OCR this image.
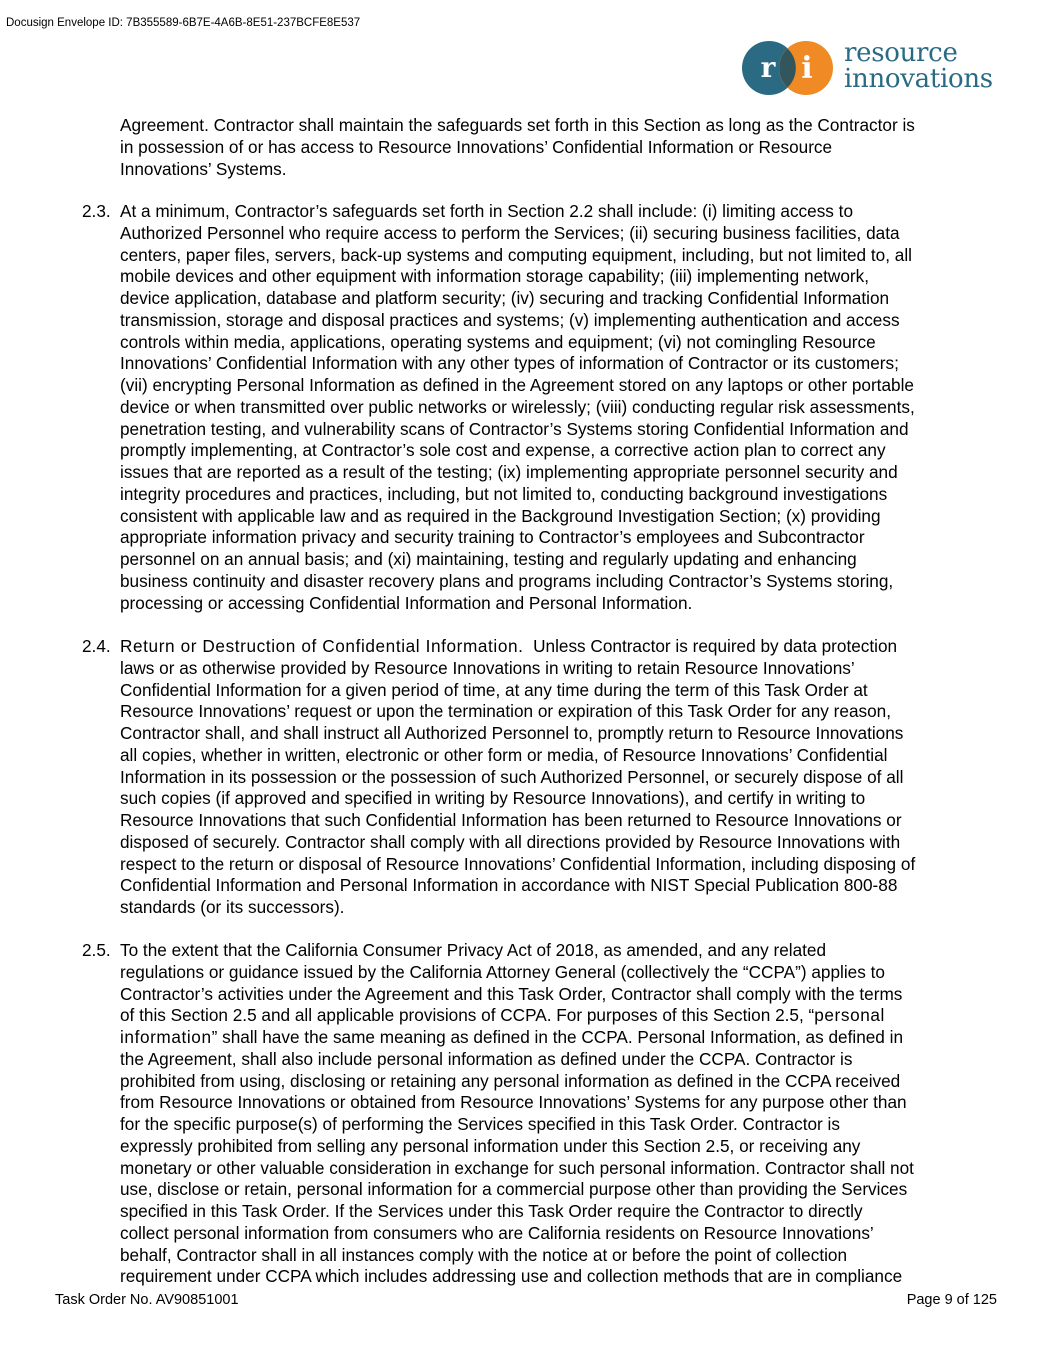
Docusign Envelope ID: 7B355589-6B7E-4A6B-8E51-237BCFE8E537
r i resource
innovations
Agreement. Contractor shall maintain the safeguards set forth in this Section as long as the Contractor is
in possession of or has access to Resource Innovations’ Confidential Information or Resource
Innovations’ Systems.
2.3. At a minimum, Contractor’s safeguards set forth in Section 2.2 shall include: (i) limiting access to
Authorized Personnel who require access to perform the Services; (ii) securing business facilities, data
centers, paper files, servers, back-up systems and computing equipment, including, but not limited to, all
mobile devices and other equipment with information storage capability; (iii) implementing network,
device application, database and platform security; (iv) securing and tracking Confidential Information
transmission, storage and disposal practices and systems; (v) implementing authentication and access
controls within media, applications, operating systems and equipment; (vi) not comingling Resource
Innovations’ Confidential Information with any other types of information of Contractor or its customers;
(vii) encrypting Personal Information as defined in the Agreement stored on any laptops or other portable
device or when transmitted over public networks or wirelessly; (viii) conducting regular risk assessments,
penetration testing, and vulnerability scans of Contractor’s Systems storing Confidential Information and
promptly implementing, at Contractor’s sole cost and expense, a corrective action plan to correct any
issues that are reported as a result of the testing; (ix) implementing appropriate personnel security and
integrity procedures and practices, including, but not limited to, conducting background investigations
consistent with applicable law and as required in the Background Investigation Section; (x) providing
appropriate information privacy and security training to Contractor’s employees and Subcontractor
personnel on an annual basis; and (xi) maintaining, testing and regularly updating and enhancing
business continuity and disaster recovery plans and programs including Contractor’s Systems storing,
processing or accessing Confidential Information and Personal Information.
2.4. Return or Destruction of Confidential Information.  Unless Contractor is required by data protection
laws or as otherwise provided by Resource Innovations in writing to retain Resource Innovations’
Confidential Information for a given period of time, at any time during the term of this Task Order at
Resource Innovations’ request or upon the termination or expiration of this Task Order for any reason,
Contractor shall, and shall instruct all Authorized Personnel to, promptly return to Resource Innovations
all copies, whether in written, electronic or other form or media, of Resource Innovations’ Confidential
Information in its possession or the possession of such Authorized Personnel, or securely dispose of all
such copies (if approved and specified in writing by Resource Innovations), and certify in writing to
Resource Innovations that such Confidential Information has been returned to Resource Innovations or
disposed of securely. Contractor shall comply with all directions provided by Resource Innovations with
respect to the return or disposal of Resource Innovations’ Confidential Information, including disposing of
Confidential Information and Personal Information in accordance with NIST Special Publication 800-88
standards (or its successors).
2.5. To the extent that the California Consumer Privacy Act of 2018, as amended, and any related
regulations or guidance issued by the California Attorney General (collectively the “CCPA”) applies to
Contractor’s activities under the Agreement and this Task Order, Contractor shall comply with the terms
of this Section 2.5 and all applicable provisions of CCPA. For purposes of this Section 2.5, “personal
information” shall have the same meaning as defined in the CCPA. Personal Information, as defined in
the Agreement, shall also include personal information as defined under the CCPA. Contractor is
prohibited from using, disclosing or retaining any personal information as defined in the CCPA received
from Resource Innovations or obtained from Resource Innovations’ Systems for any purpose other than
for the specific purpose(s) of performing the Services specified in this Task Order. Contractor is
expressly prohibited from selling any personal information under this Section 2.5, or receiving any
monetary or other valuable consideration in exchange for such personal information. Contractor shall not
use, disclose or retain, personal information for a commercial purpose other than providing the Services
specified in this Task Order. If the Services under this Task Order require the Contractor to directly
collect personal information from consumers who are California residents on Resource Innovations’
behalf, Contractor shall in all instances comply with the notice at or before the point of collection
requirement under CCPA which includes addressing use and collection methods that are in compliance
Task Order No. AV90851001	Page 9 of 125
